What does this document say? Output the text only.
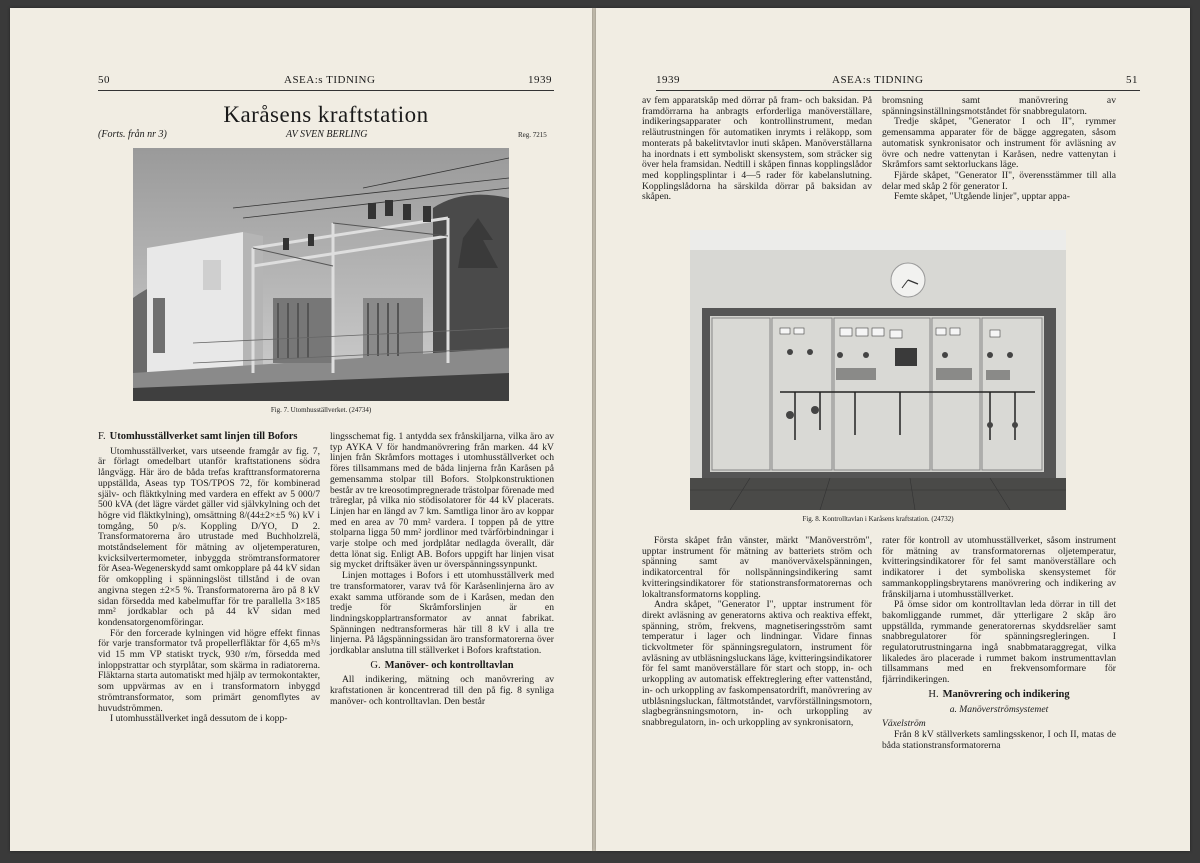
50	ASEA:s TIDNING	1939
Karåsens kraftstation
(Forts. från nr 3)	AV SVEN BERLING	Reg. 7215
Fig. 7. Utomhusställverket. (24734)
F. Utomhusställverket samt linjen till Bofors

Utomhusställverket, vars utseende framgår av fig. 7, är förlagt omedelbart utanför kraftstationens södra långvägg. Här äro de båda trefas krafttransformatorerna uppställda, Aseas typ TOS/TPOS 72, för kombinerad själv- och fläktkylning med vardera en effekt av 5 000/7 500 kVA (det lägre värdet gäller vid självkylning och det högre vid fläktkylning), omsättning 8/(44±2×±5 %) kV i tomgång, 50 p/s. Koppling D/YO, D 2. Transformatorerna äro utrustade med Buchholzrelä, motståndselement för mätning av oljetemperaturen, kvicksilvertermometer, inbyggda strömtransformatorer för Asea-Wegenerskydd samt omkopplare på 44 kV sidan för omkoppling i spänningslöst tillstånd i de ovan angivna stegen ±2×5 %. Transformatorerna äro på 8 kV sidan försedda med kabelmuffar för tre parallella 3×185 mm² jordkablar och på 44 kV sidan med kondensatorgenomföringar.

För den forcerade kylningen vid högre effekt finnas för varje transformator två propellerfläktar för 4,65 m³/s vid 15 mm VP statiskt tryck, 930 r/m, försedda med inloppstrattar och styrplåtar, som skärma in radiatorerna. Fläktarna starta automatiskt med hjälp av termokontakter, som uppvärmas av en i transformatorn inbyggd strömtransformator, som primärt genomflytes av huvudströmmen.

I utomhusställverket ingå dessutom de i kopp-

lingsschemat fig. 1 antydda sex frånskiljarna, vilka äro av typ AYKA V för handmanövrering från marken. 44 kV linjen från Skråmfors mottages i utomhusställverket och föres tillsammans med de båda linjerna från Karåsen på gemensamma stolpar till Bofors. Stolpkonstruktionen består av tre kreosotimpregnerade trästolpar förenade med träreglar, på vilka nio stödisolatorer för 44 kV placerats. Linjen har en längd av 7 km. Samtliga linor äro av koppar med en area av 70 mm² vardera. I toppen på de yttre stolparna ligga 50 mm² jordlinor med tvärförbindningar i varje stolpe och med jordplåtar nedlagda överallt, där detta lönat sig. Enligt AB. Bofors uppgift har linjen visat sig mycket driftsäker även ur överspänningssynpunkt.

Linjen mottages i Bofors i ett utomhusställverk med tre transformatorer, varav två för Karåsenlinjerna äro av exakt samma utförande som de i Karåsen, medan den tredje för Skråmforslinjen är en lindningskopplartransformator av annat fabrikat. Spänningen nedtransformeras här till 8 kV i alla tre linjerna. På lågspänningssidan äro transformatorerna över jordkablar anslutna till ställverket i Bofors kraftstation.

G. Manöver- och kontrolltavlan

All indikering, mätning och manövrering av kraftstationen är koncentrerad till den på fig. 8 synliga manöver- och kontrolltavlan. Den består

1939	ASEA:s TIDNING	51

av fem apparatskåp med dörrar på fram- och baksidan. På framdörrarna ha anbragts erforderliga manöverställare, indikeringsapparater och kontrollinstrument, medan reläutrustningen för automatiken inrymts i reläkopp, som monterats på bakelitvtavlor inuti skåpen. Manöverställarna ha inordnats i ett symboliskt skensystem, som sträcker sig över hela framsidan. Nedtill i skåpen finnas kopplingslådor med kopplingsplintar i 4—5 rader för kabelanslutning. Kopplingslådorna ha särskilda dörrar på baksidan av skåpen.

bromsning samt manövrering av spänningsinställningsmotståndet för snabbregulatorn.

Tredje skåpet, "Generator I och II", rymmer gemensamma apparater för de bägge aggregaten, såsom automatisk synkronisator och instrument för avläsning av övre och nedre vattenytan i Karåsen, nedre vattenytan i Skråmfors samt sektorluckans läge.

Fjärde skåpet, "Generator II", överensstämmer till alla delar med skåp 2 för generator I.

Femte skåpet, "Utgående linjer", upptar appa-

Fig. 8. Kontrolltavlan i Karåsens kraftstation. (24732)

Första skåpet från vänster, märkt "Manöverström", upptar instrument för mätning av batteriets ström och spänning samt av manöverväxelspänningen, indikatorcentral för nollspänningsindikering samt kvitteringsindikatorer för stationstransformatorernas och lokaltransformatorns koppling.

Andra skåpet, "Generator I", upptar instrument för direkt avläsning av generatorns aktiva och reaktiva effekt, spänning, ström, frekvens, magnetiseringsström samt temperatur i lager och lindningar. Vidare finnas tickvoltmeter för spänningsregulatorn, instrument för avläsning av utbläsningsluckans läge, kvitteringsindikatorer för fel samt manöverställare för start och stopp, in- och urkoppling av automatisk effektreglering efter vattenstånd, in- och urkoppling av faskompensatordrift, manövrering av utblåsningsluckan, fältmotståndet, varvförställningsmotorn, slagbegränsningsmotorn, in- och urkoppling av snabbregulatorn, in- och urkoppling av synkronisatorn,

rater för kontroll av utomhusställverket, såsom instrument för mätning av transformatorernas oljetemperatur, kvitteringsindikatorer för fel samt manöverställare och indikatorer i det symboliska skensystemet för sammankopplingsbrytarens manövrering och indikering av frånskiljarna i utomhusställverket.

På ömse sidor om kontrolltavlan leda dörrar in till det bakomliggande rummet, där ytterligare 2 skåp äro uppställda, rymmande generatorernas skyddsreläer samt snabbregulatorer för spänningsregleringen. I regulatorutrustningarna ingå snabbmataraggregat, vilka likaledes äro placerade i rummet bakom instrumenttavlan tillsammans med en frekvensomformare för fjärrindikeringen.

H. Manövrering och indikering
a. Manöverströmsystemet

Växelström

Från 8 kV ställverkets samlingsskenor, I och II, matas de båda stationstransformatorerna
